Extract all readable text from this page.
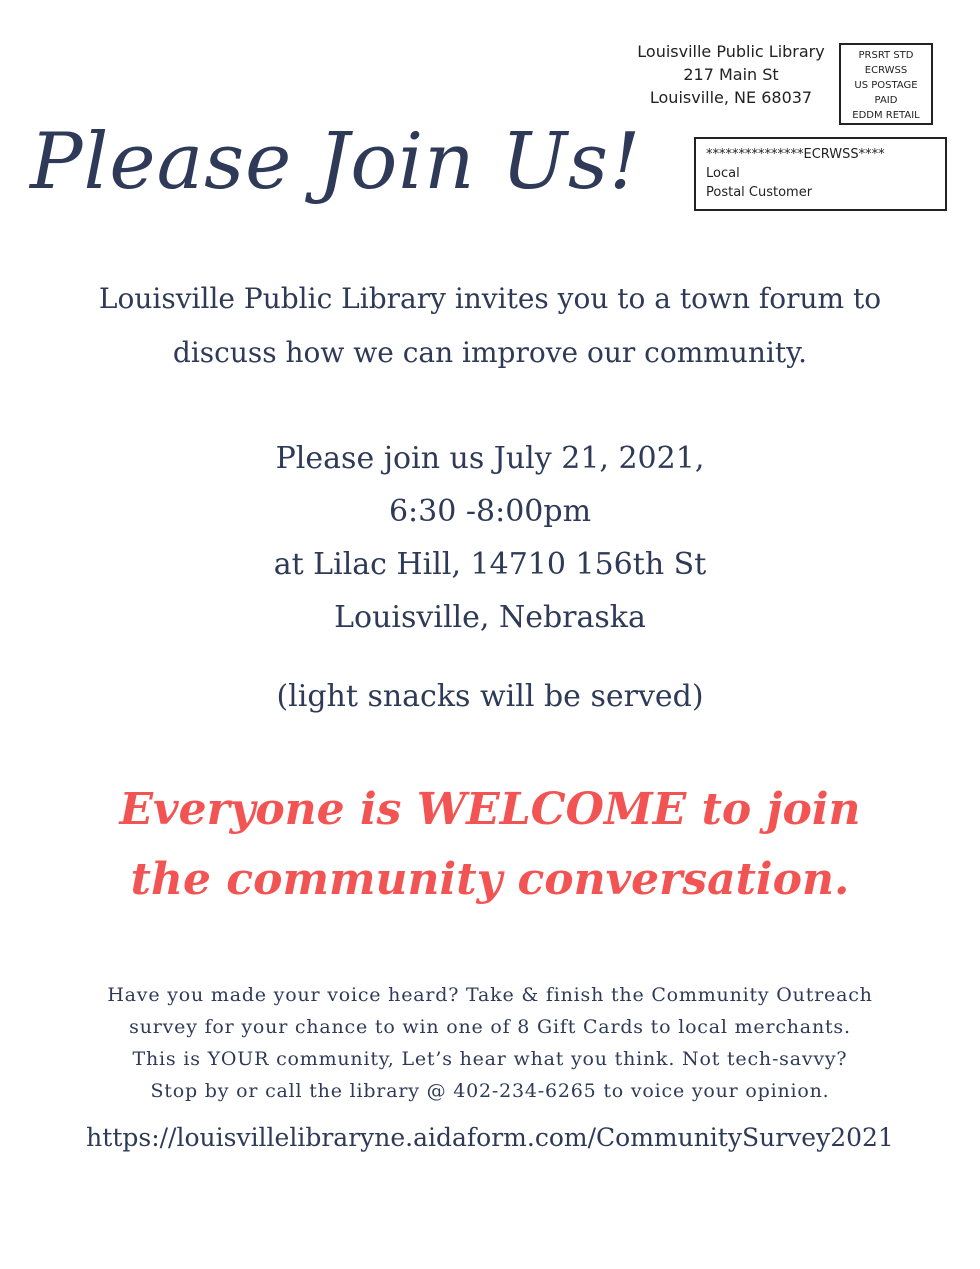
Louisville Public Library
217 Main St
Louisville, NE 68037
PRSRT STD
ECRWSS
US POSTAGE
PAID
EDDM RETAIL
***************ECRWSS****
Local
Postal Customer
Please Join Us!
Louisville Public Library invites you to a town forum to
discuss how we can improve our community.
Please join us July 21, 2021,
6:30 -8:00pm
at Lilac Hill, 14710 156th St
Louisville, Nebraska
(light snacks will be served)
Everyone is WELCOME to join
the community conversation.
Have you made your voice heard? Take & finish the Community Outreach
survey for your chance to win one of 8 Gift Cards to local merchants.
This is YOUR community, Let’s hear what you think. Not tech-savvy?
Stop by or call the library @ 402-234-6265 to voice your opinion.
https://louisvillelibraryne.aidaform.com/CommunitySurvey2021
